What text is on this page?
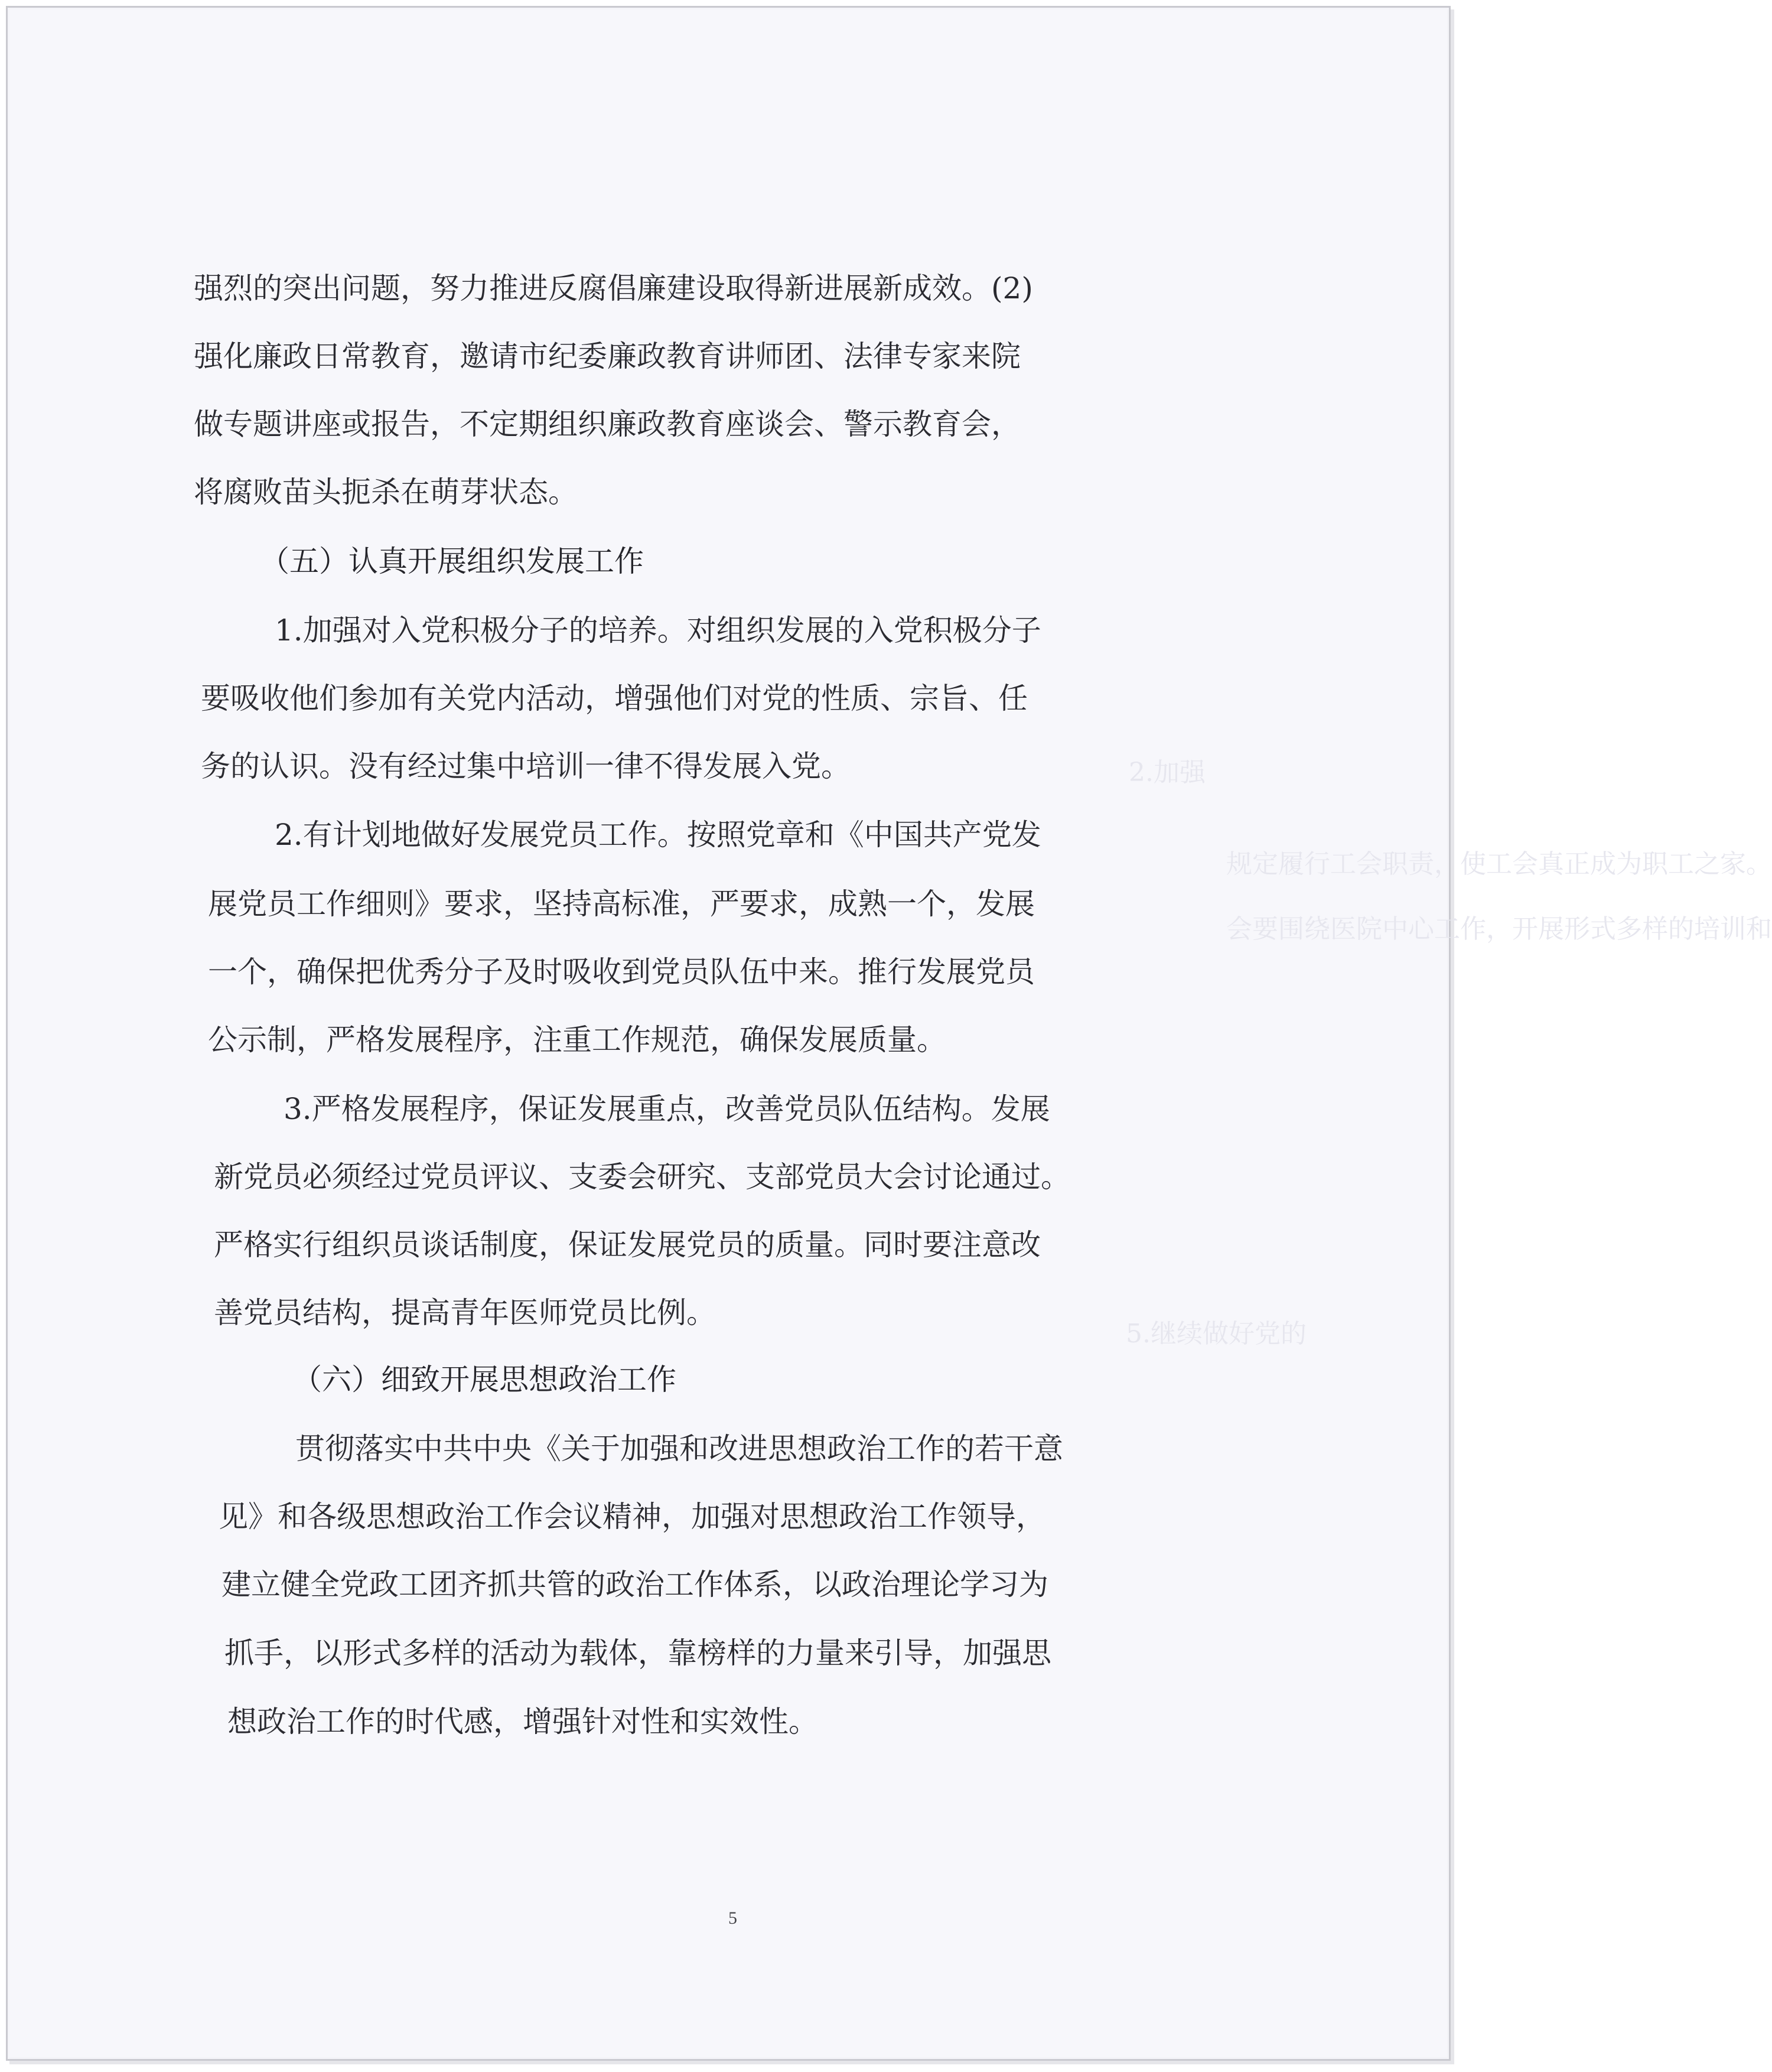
规定履行工会职责，使工会真正成为职工之家。

会要围绕医院中心工作，开展形式多样的培训和

2.加强

5.继续做好党的

强烈的突出问题，努力推进反腐倡廉建设取得新进展新成效。(2)

强化廉政日常教育，邀请市纪委廉政教育讲师团、法律专家来院

做专题讲座或报告，不定期组织廉政教育座谈会、警示教育会，

将腐败苗头扼杀在萌芽状态。

（五）认真开展组织发展工作

1.加强对入党积极分子的培养。对组织发展的入党积极分子

要吸收他们参加有关党内活动，增强他们对党的性质、宗旨、任

务的认识。没有经过集中培训一律不得发展入党。

2.有计划地做好发展党员工作。按照党章和《中国共产党发

展党员工作细则》要求，坚持高标准，严要求，成熟一个，发展

一个，确保把优秀分子及时吸收到党员队伍中来。推行发展党员

公示制，严格发展程序，注重工作规范，确保发展质量。

3.严格发展程序，保证发展重点，改善党员队伍结构。发展

新党员必须经过党员评议、支委会研究、支部党员大会讨论通过。

严格实行组织员谈话制度，保证发展党员的质量。同时要注意改

善党员结构，提高青年医师党员比例。

（六）细致开展思想政治工作

贯彻落实中共中央《关于加强和改进思想政治工作的若干意

见》和各级思想政治工作会议精神，加强对思想政治工作领导，

建立健全党政工团齐抓共管的政治工作体系，以政治理论学习为

抓手，以形式多样的活动为载体，靠榜样的力量来引导，加强思

想政治工作的时代感，增强针对性和实效性。

5
